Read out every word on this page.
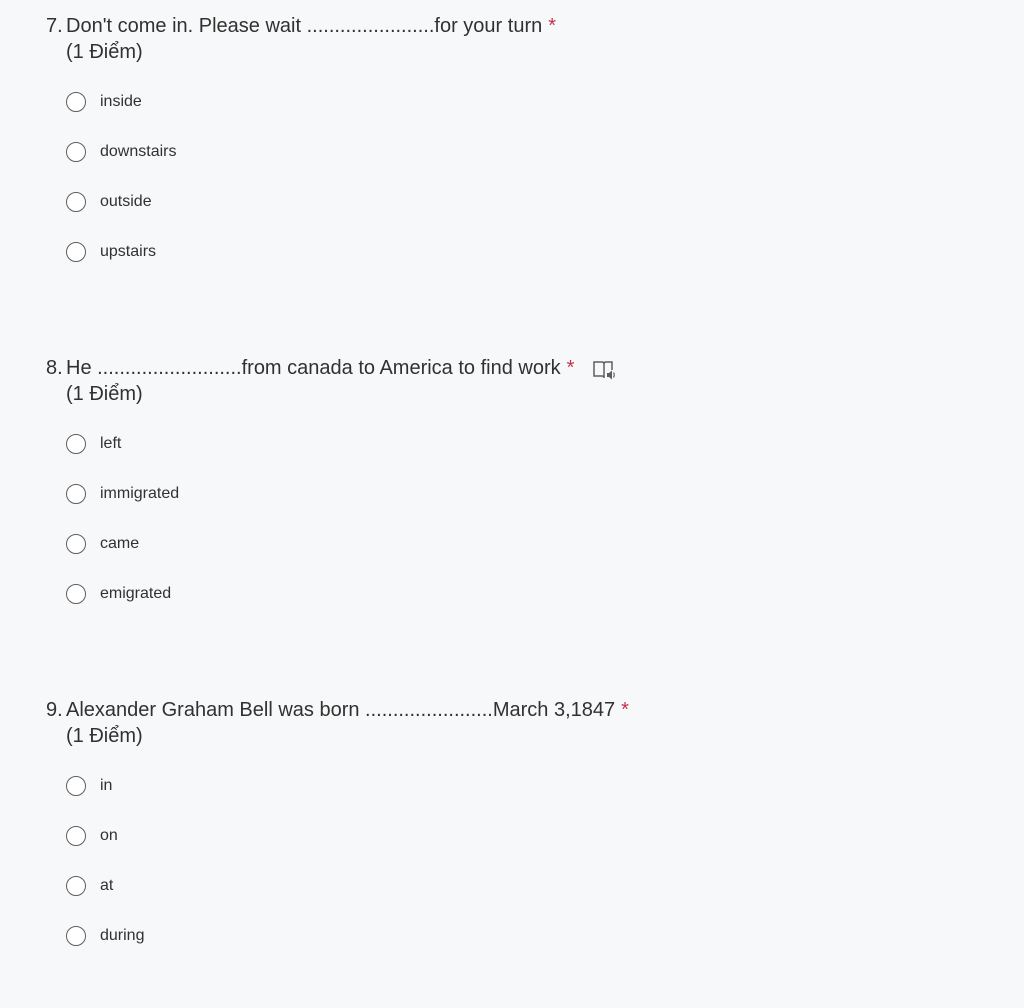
7. Don't come in. Please wait .......................for your turn *
(1 Điểm)
inside
downstairs
outside
upstairs
8. He ..........................from canada to America to find work *
(1 Điểm)
left
immigrated
came
emigrated
9. Alexander Graham Bell was born .......................March 3,1847 *
(1 Điểm)
in
on
at
during
